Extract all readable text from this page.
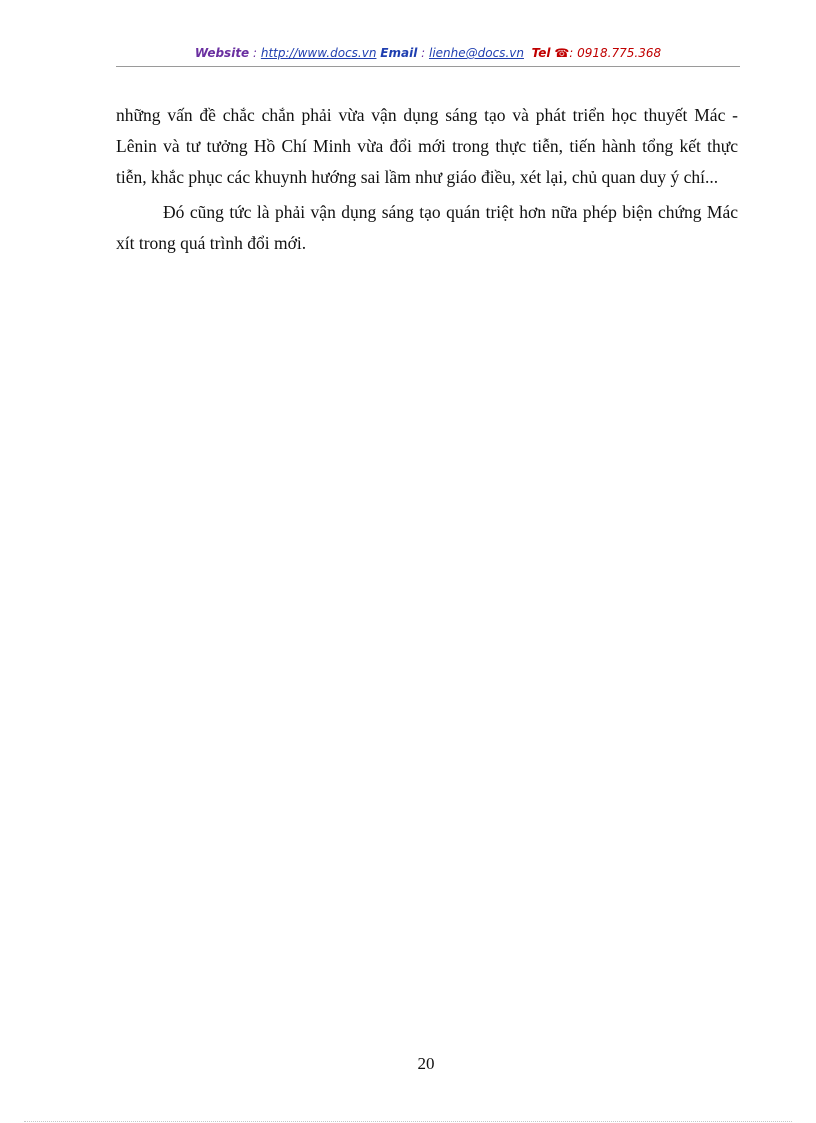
Website : http://www.docs.vn Email : lienhe@docs.vn Tel ☎: 0918.775.368

những vấn đề chắc chắn phải vừa vận dụng sáng tạo và phát triển học thuyết Mác - Lênin và tư tưởng Hồ Chí Minh vừa đổi mới trong thực tiễn, tiến hành tổng kết thực tiễn, khắc phục các khuynh hướng sai lầm như giáo điều, xét lại, chủ quan duy ý chí...

Đó cũng tức là phải vận dụng sáng tạo quán triệt hơn nữa phép biện chứng Mác xít trong quá trình đổi mới.

20
